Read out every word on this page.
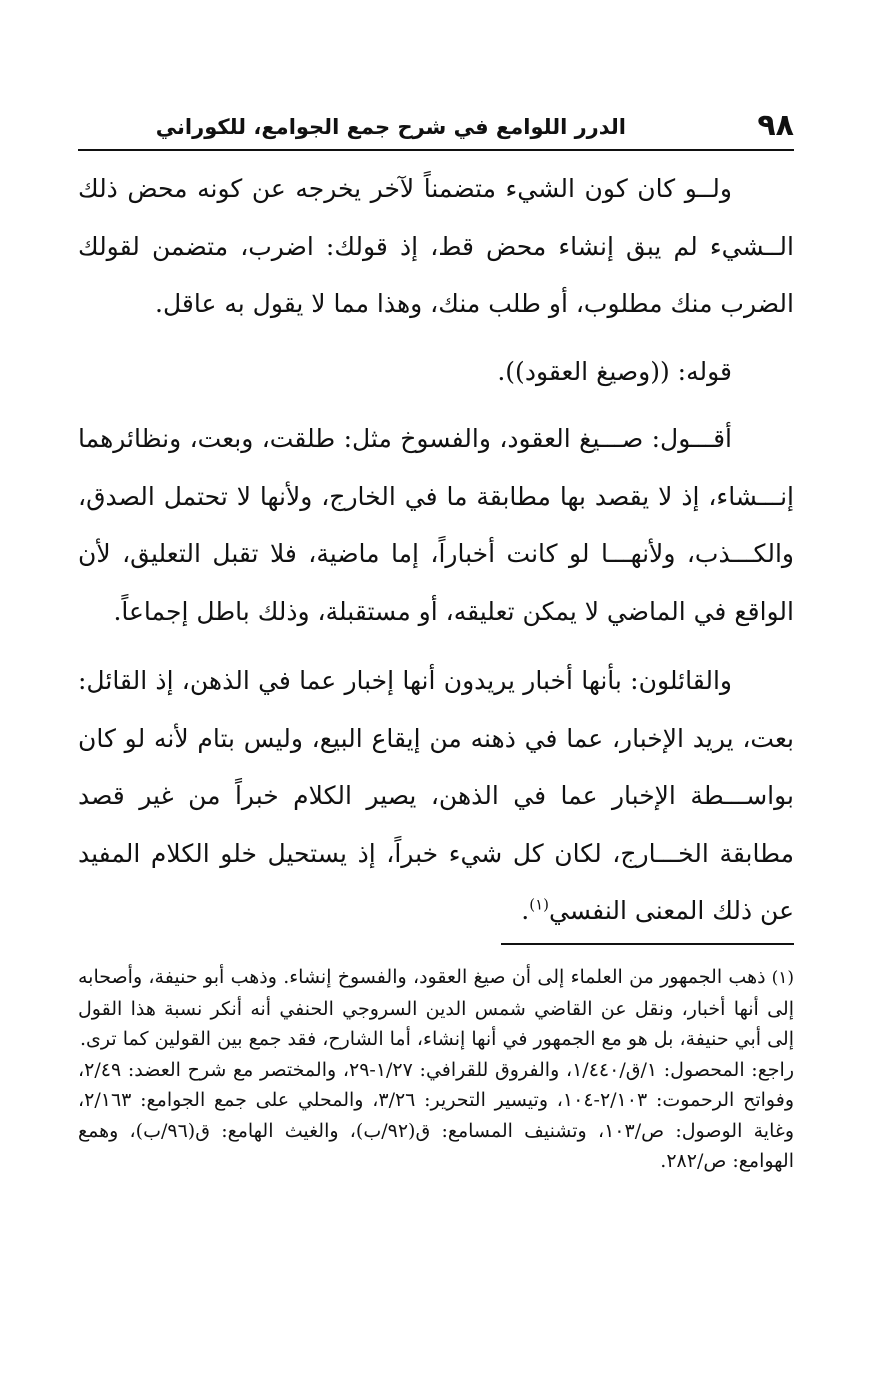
٩٨
الدرر اللوامع في شرح جمع الجوامع، للكوراني

ولــو كان كون الشيء متضمناً لآخر يخرجه عن كونه محض ذلك الــشيء لم يبق إنشاء محض قط، إذ قولك: اضرب، متضمن لقولك الضرب منك مطلوب، أو طلب منك، وهذا مما لا يقول به عاقل.

قوله: ((وصيغ العقود)).

أقـــول: صـــيغ العقود، والفسوخ مثل: طلقت، وبعت، ونظائرهما إنـــشاء، إذ لا يقصد بها مطابقة ما في الخارج، ولأنها لا تحتمل الصدق، والكـــذب، ولأنهـــا لو كانت أخباراً، إما ماضية، فلا تقبل التعليق، لأن الواقع في الماضي لا يمكن تعليقه، أو مستقبلة، وذلك باطل إجماعاً.

والقائلون: بأنها أخبار يريدون أنها إخبار عما في الذهن، إذ القائل: بعت، يريد الإخبار، عما في ذهنه من إيقاع البيع، وليس بتام لأنه لو كان بواســـطة الإخبار عما في الذهن، يصير الكلام خبراً من غير قصد مطابقة الخـــارج، لكان كل شيء خبراً، إذ يستحيل خلو الكلام المفيد عن ذلك المعنى النفسي$^{(١)}$.

(١)ذهب الجمهور من العلماء إلى أن صيغ العقود، والفسوخ إنشاء. وذهب أبو حنيفة، وأصحابه إلى أنها أخبار، ونقل عن القاضي شمس الدين السروجي الحنفي أنه أنكر نسبة هذا القول إلى أبي حنيفة، بل هو مع الجمهور في أنها إنشاء، أما الشارح، فقد جمع بين القولين كما ترى.

راجع: المحصول: ١/ق/١/٤٤٠، والفروق للقرافي: ١/٢٧-٢٩، والمختصر مع شرح العضد: ٢/٤٩، وفواتح الرحموت: ٢/١٠٣-١٠٤، وتيسير التحرير: ٣/٢٦، والمحلي على جمع الجوامع: ٢/١٦٣، وغاية الوصول: ص/١٠٣، وتشنيف المسامع: ق(٩٢/ب)، والغيث الهامع: ق(٩٦/ب)، وهمع الهوامع: ص/٢٨٢.
